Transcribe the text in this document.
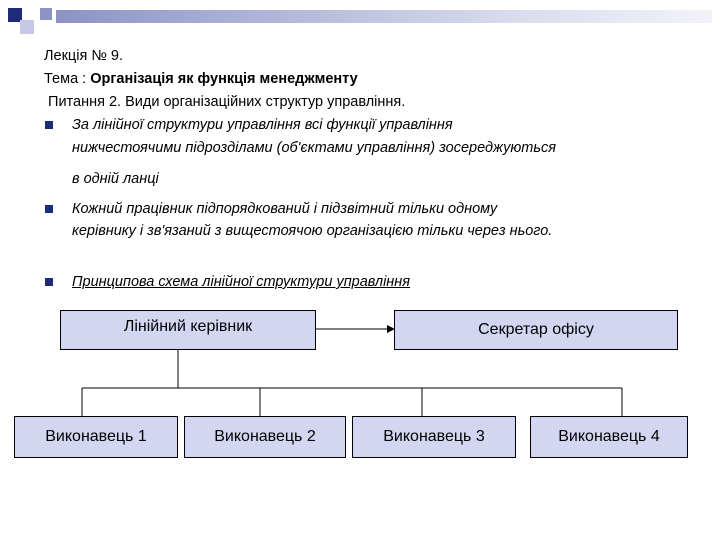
Лекція № 9.
Тема : Організація як функція менеджменту
Питання 2. Види організаційних структур управління.
За лінійної структури управління всі функції управління
нижчестоячими підрозділами (об'єктами управління) зосереджуються
в одній ланці
Кожний працівник підпорядкований і підзвітний тільки одному
керівнику і зв'язаний з вищестоячою організацією тільки через нього.
Принципова схема лінійної структури управління
Лінійний керівник	Секретар офісу
Виконавець 1	Виконавець 2	Виконавець 3	Виконавець 4
